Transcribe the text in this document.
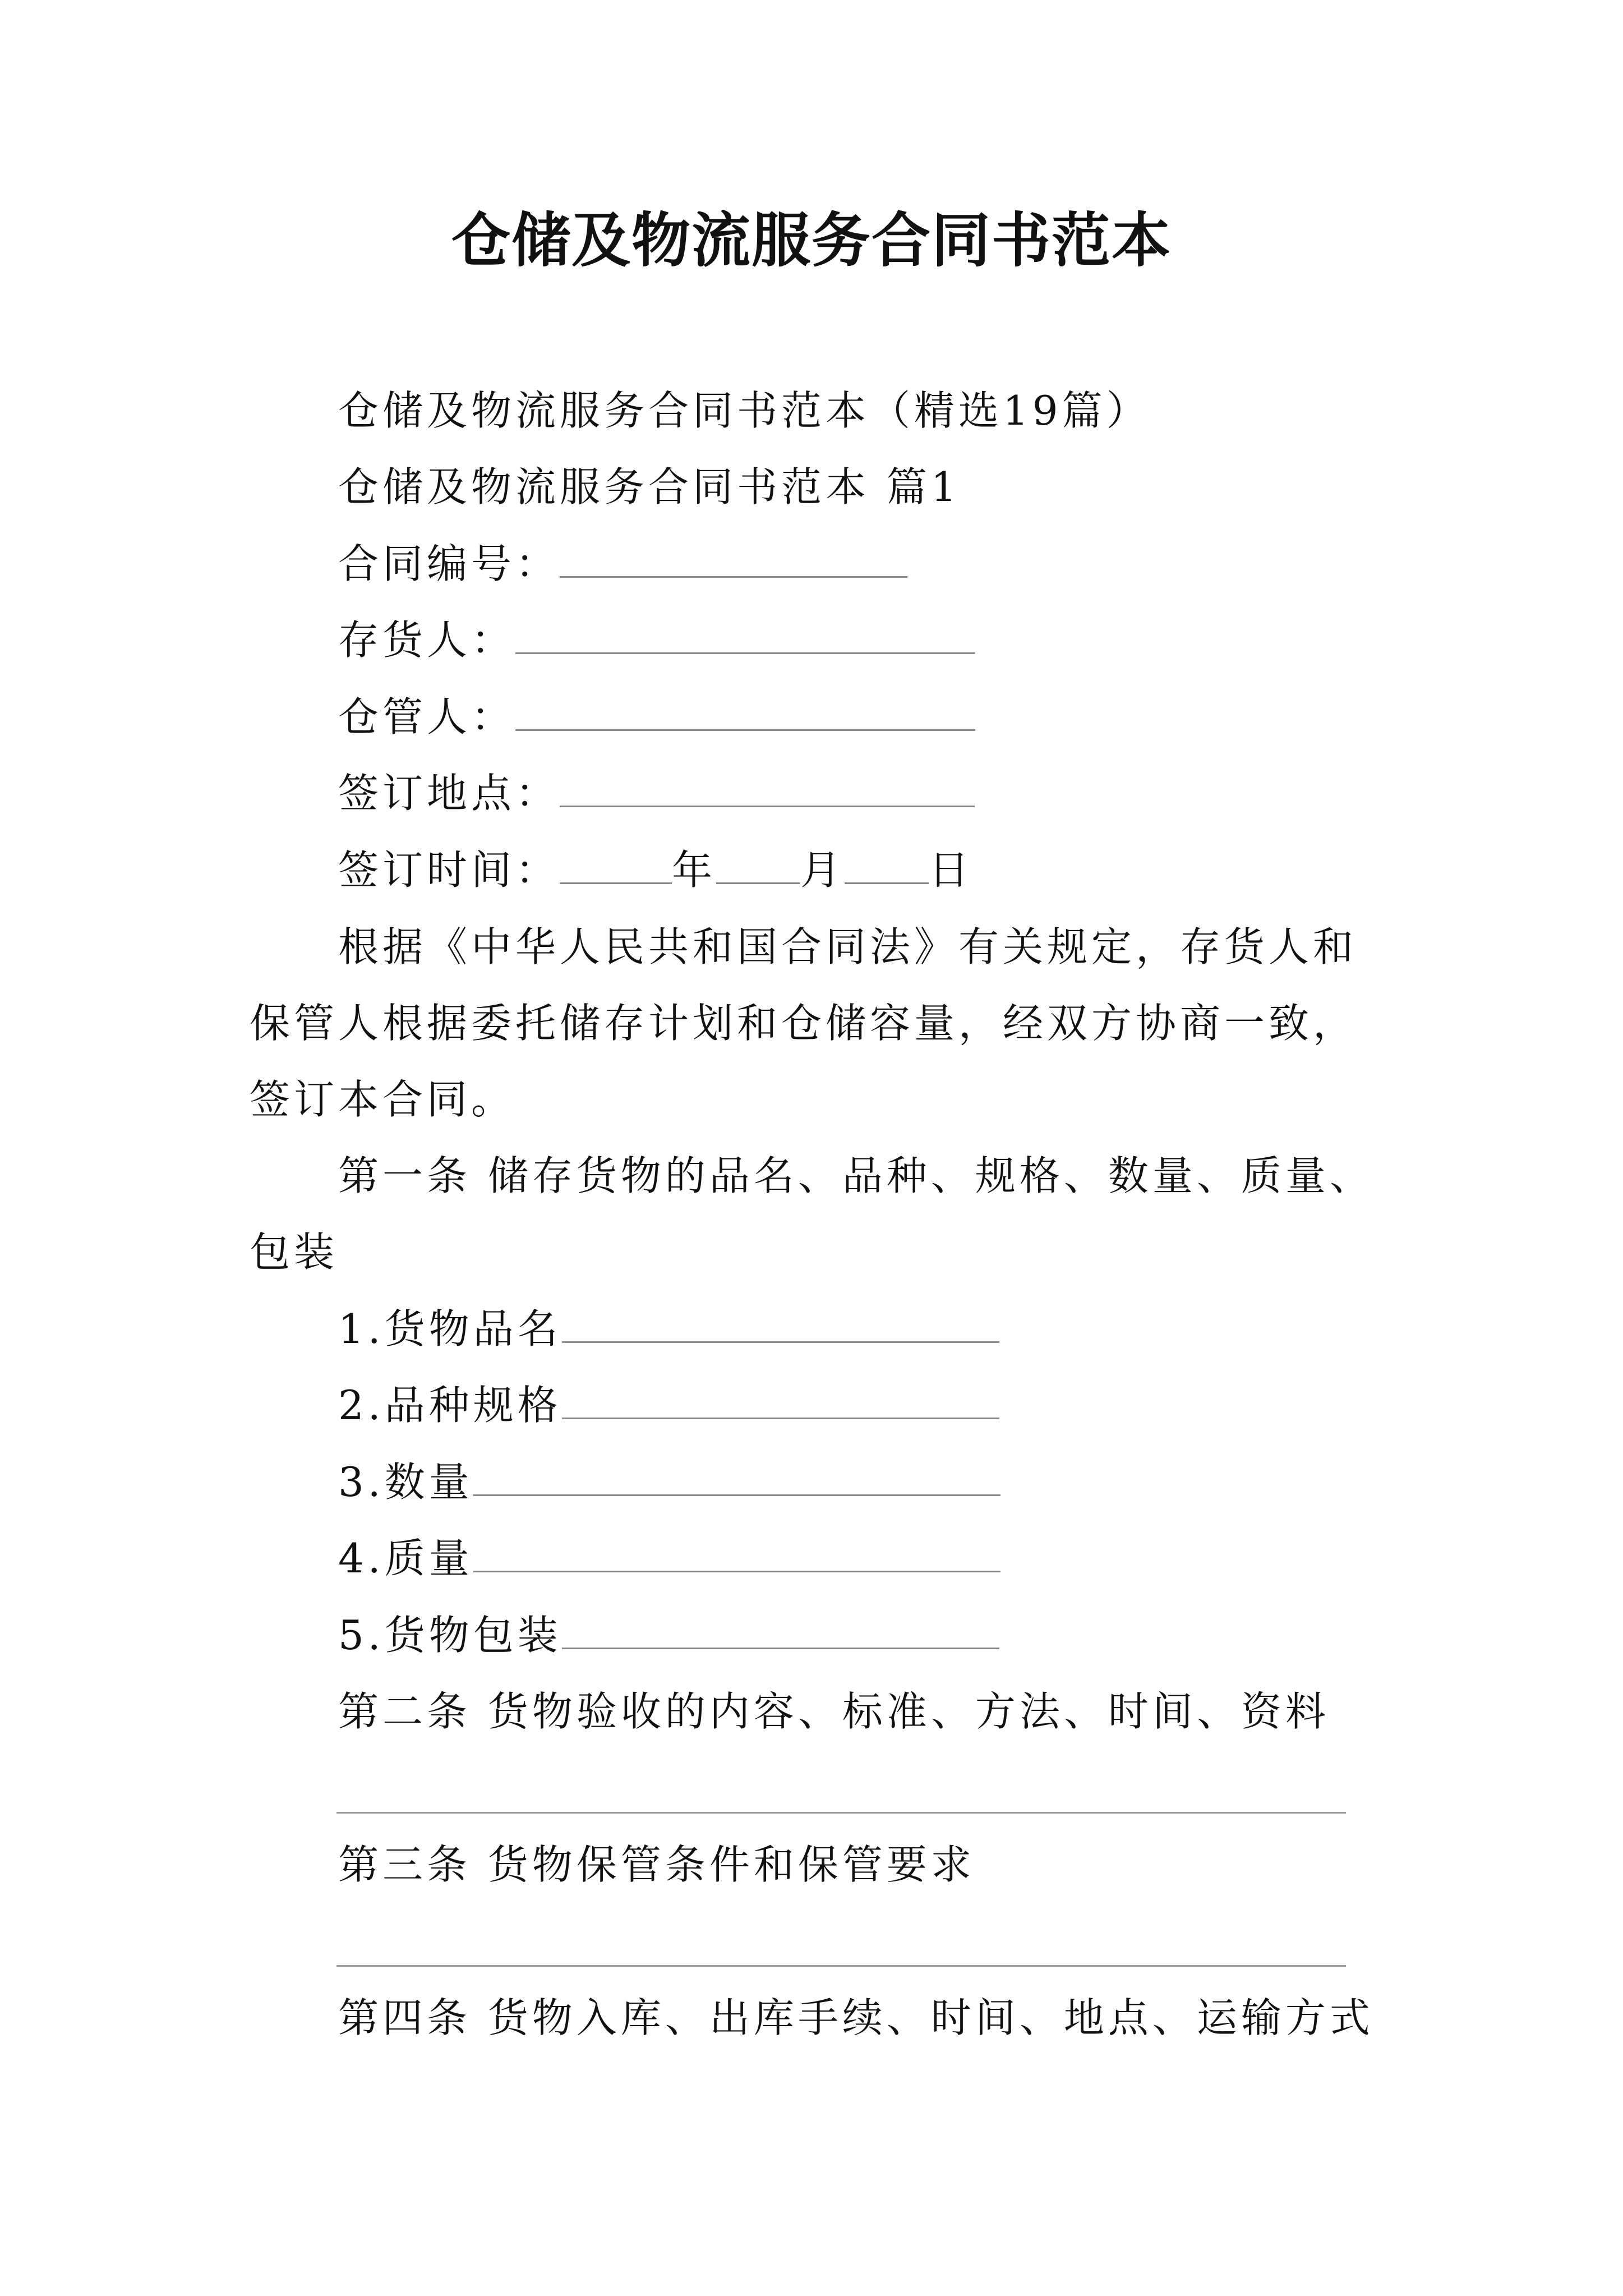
仓储及物流服务合同书范本
仓储及物流服务合同书范本（精选19篇）
仓储及物流服务合同书范本 篇1
合同编号：
存货人：
仓管人：
签订地点：
签订时间：	年 月 日
根据《中华人民共和国合同法》有关规定，存货人和保管人根据委托储存计划和仓储容量，经双方协商一致，签订本合同。
第一条 储存货物的品名、品种、规格、数量、质量、包装
1.货物品名
2.品种规格
3.数量
4.质量
5.货物包装
第二条 货物验收的内容、标准、方法、时间、资料
第三条 货物保管条件和保管要求
第四条 货物入库、出库手续、时间、地点、运输方式
